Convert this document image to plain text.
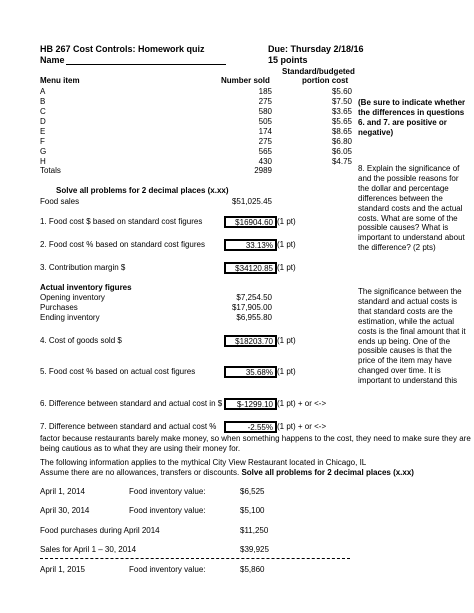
HB 267 Cost Controls: Homework quiz
Name
Due: Thursday 2/18/16
15 points
Standard/budgeted
Menu item	Number sold	portion cost
A	185	$5.60
B	275	$7.50
C	580	$3.65
D	505	$5.65
E	174	$8.65
F	275	$6.80
G	565	$6.05
H	430	$4.75
Totals	2989
Solve all problems for 2 decimal places (x.xx)
Food sales	$51,025.45
1. Food cost $ based on standard cost figures	$16904.60 (1 pt)
2. Food cost % based on standard cost figures	33.13% (1 pt)
3. Contribution margin $	$34120.85 (1 pt)
Actual inventory figures
Opening inventory	$7,254.50
Purchases	$17,905.00
Ending inventory	$6,955.80
4. Cost of goods sold $	$18203.70 (1 pt)
5. Food cost % based on actual cost figures	35.68% (1 pt)
6. Difference between standard and actual cost in $	$-1299.10 (1 pt) + or <->
7. Difference between standard and actual cost %	-2.55% (1 pt) + or <->
(Be sure to indicate whether the differences in questions 6. and 7. are positive or negative)
8. Explain the significance of and the possible reasons for the dollar and percentage differences between the standard costs and the actual costs. What are some of the possible causes? What is important to understand about the difference? (2 pts)
The significance between the standard and actual costs is that standard costs are the estimation, while the actual costs is the final amount that it ends up being. One of the possible causes is that the price of the item may have changed over time. It is important to understand this
factor because restaurants barely make money, so when something happens to the cost, they need to make sure they are being cautious as to what they are using their money for.
The following information applies to the mythical City View Restaurant located in Chicago, IL
Assume there are no allowances, transfers or discounts. Solve all problems for 2 decimal places (x.xx)
April 1, 2014	Food inventory value:	$6,525
April 30, 2014	Food inventory value:	$5,100
Food purchases during April 2014	$11,250
Sales for April 1 – 30, 2014	$39,925
April 1, 2015	Food inventory value:	$5,860
